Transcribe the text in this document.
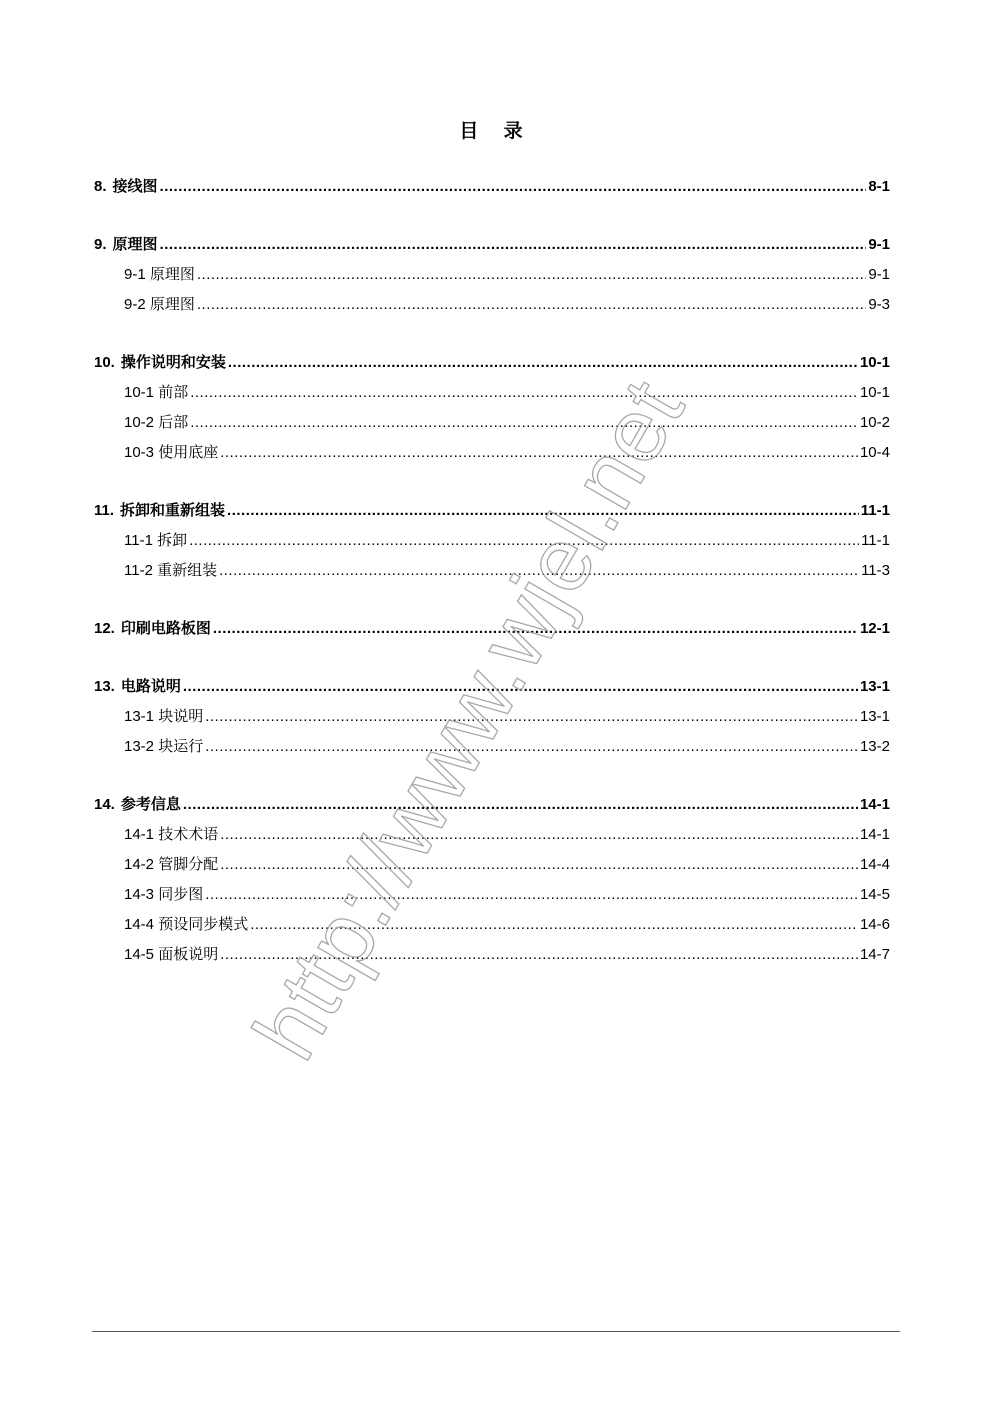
目 录
8. 接线图 .....	8-1
9. 原理图 .....	9-1
9-1 原理图 .....	9-1
9-2 原理图 .....	9-3
10. 操作说明和安装 .....	10-1
10-1 前部 .....	10-1
10-2 后部 .....	10-2
10-3 使用底座 .....	10-4
11. 拆卸和重新组装 .....	11-1
11-1 拆卸 .....	11-1
11-2 重新组装 .....	11-3
12. 印刷电路板图 .....	12-1
13. 电路说明 .....	13-1
13-1 块说明 .....	13-1
13-2 块运行 .....	13-2
14. 参考信息 .....	14-1
14-1 技术术语 .....	14-1
14-2 管脚分配 .....	14-4
14-3 同步图 .....	14-5
14-4 预设同步模式 .....	14-6
14-5 面板说明 .....	14-7
http://www.wjel.net
